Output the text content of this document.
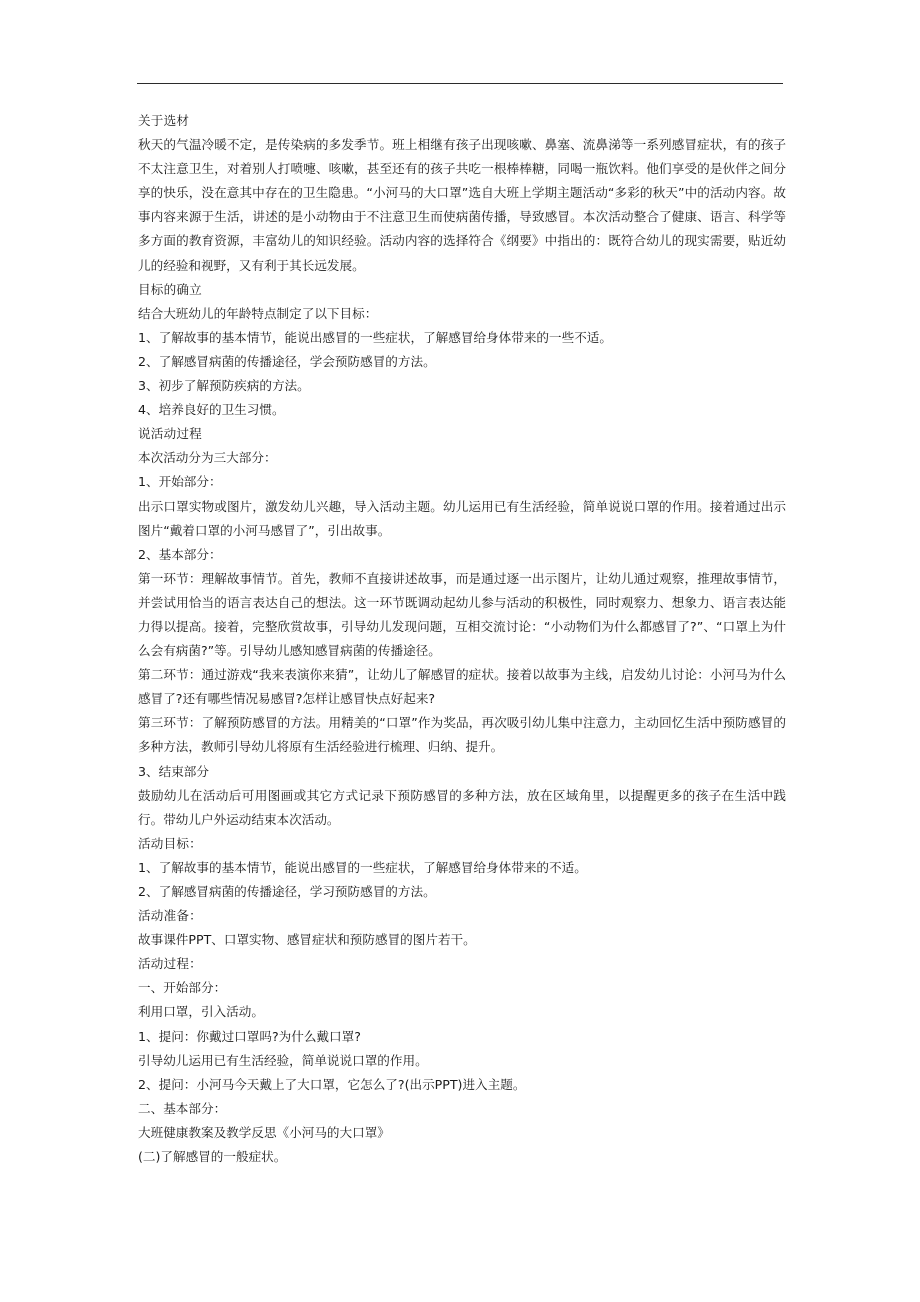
关于选材

秋天的气温冷暖不定，是传染病的多发季节。班上相继有孩子出现咳嗽、鼻塞、流鼻涕等一系列感冒症状，有的孩子不太注意卫生，对着别人打喷嚏、咳嗽，甚至还有的孩子共吃一根棒棒糖，同喝一瓶饮料。他们享受的是伙伴之间分享的快乐，没在意其中存在的卫生隐患。“小河马的大口罩”选自大班上学期主题活动“多彩的秋天”中的活动内容。故事内容来源于生活，讲述的是小动物由于不注意卫生而使病菌传播，导致感冒。本次活动整合了健康、语言、科学等多方面的教育资源，丰富幼儿的知识经验。活动内容的选择符合《纲要》中指出的：既符合幼儿的现实需要，贴近幼儿的经验和视野，又有利于其长远发展。

目标的确立

结合大班幼儿的年龄特点制定了以下目标：

1、了解故事的基本情节，能说出感冒的一些症状，了解感冒给身体带来的一些不适。

2、了解感冒病菌的传播途径，学会预防感冒的方法。

3、初步了解预防疾病的方法。

4、培养良好的卫生习惯。

说活动过程

本次活动分为三大部分：

1、开始部分：

出示口罩实物或图片，激发幼儿兴趣，导入活动主题。幼儿运用已有生活经验，简单说说口罩的作用。接着通过出示图片“戴着口罩的小河马感冒了”，引出故事。

2、基本部分：

第一环节：理解故事情节。首先，教师不直接讲述故事，而是通过逐一出示图片，让幼儿通过观察，推理故事情节，并尝试用恰当的语言表达自己的想法。这一环节既调动起幼儿参与活动的积极性，同时观察力、想象力、语言表达能力得以提高。接着，完整欣赏故事，引导幼儿发现问题，互相交流讨论：“小动物们为什么都感冒了?”、“口罩上为什么会有病菌?”等。引导幼儿感知感冒病菌的传播途径。

第二环节：通过游戏“我来表演你来猜”，让幼儿了解感冒的症状。接着以故事为主线，启发幼儿讨论：小河马为什么感冒了?还有哪些情况易感冒?怎样让感冒快点好起来?

第三环节：了解预防感冒的方法。用精美的“口罩”作为奖品，再次吸引幼儿集中注意力，主动回忆生活中预防感冒的多种方法，教师引导幼儿将原有生活经验进行梳理、归纳、提升。

3、结束部分

鼓励幼儿在活动后可用图画或其它方式记录下预防感冒的多种方法，放在区域角里，以提醒更多的孩子在生活中践行。带幼儿户外运动结束本次活动。

活动目标：

1、了解故事的基本情节，能说出感冒的一些症状，了解感冒给身体带来的不适。

2、了解感冒病菌的传播途径，学习预防感冒的方法。

活动准备：

故事课件PPT、口罩实物、感冒症状和预防感冒的图片若干。

活动过程：

一、开始部分：

利用口罩，引入活动。

1、提问：你戴过口罩吗?为什么戴口罩?

引导幼儿运用已有生活经验，简单说说口罩的作用。

2、提问：小河马今天戴上了大口罩，它怎么了?(出示PPT)进入主题。

二、基本部分：

大班健康教案及教学反思《小河马的大口罩》

(二)了解感冒的一般症状。
